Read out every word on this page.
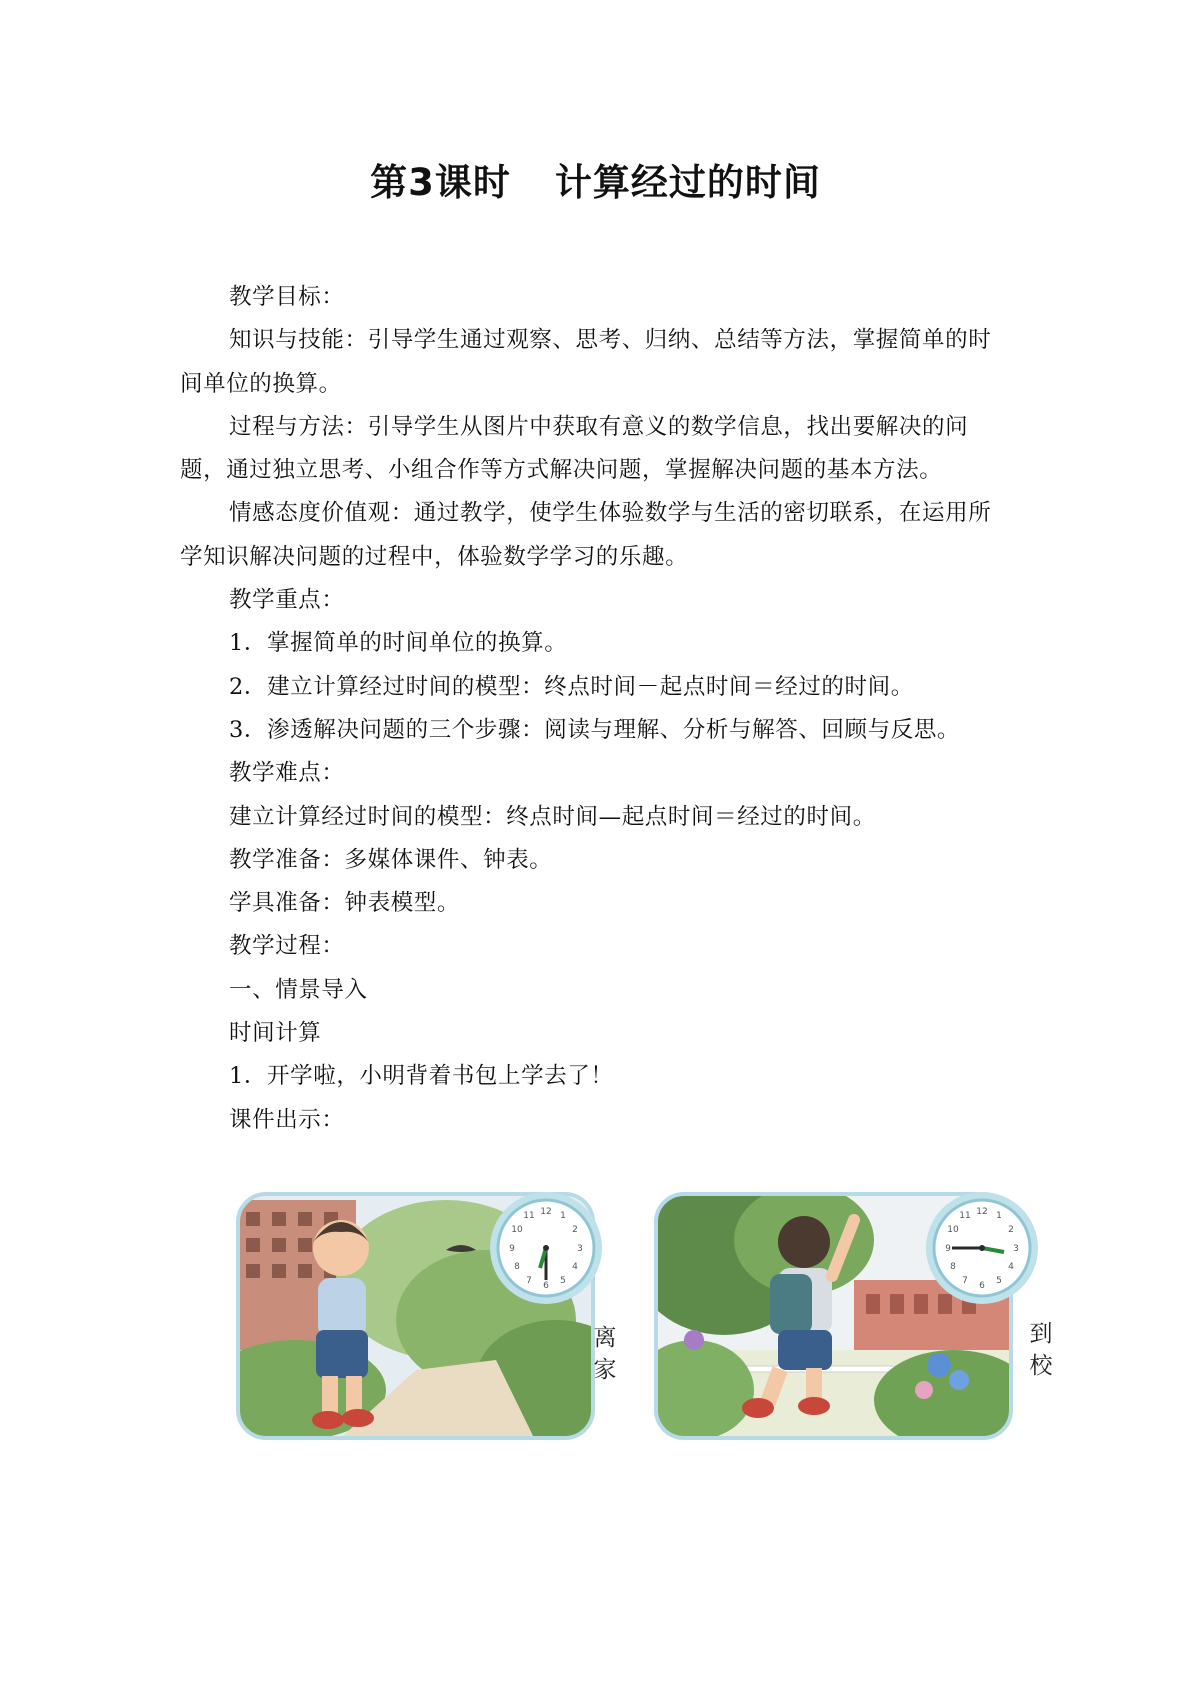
第3课时 计算经过的时间

教学目标：

知识与技能：引导学生通过观察、思考、归纳、总结等方法，掌握简单的时间单位的换算。

过程与方法：引导学生从图片中获取有意义的数学信息，找出要解决的问题，通过独立思考、小组合作等方式解决问题，掌握解决问题的基本方法。

情感态度价值观：通过教学，使学生体验数学与生活的密切联系，在运用所学知识解决问题的过程中，体验数学学习的乐趣。

教学重点：

1．掌握简单的时间单位的换算。

2．建立计算经过时间的模型：终点时间－起点时间＝经过的时间。

3．渗透解决问题的三个步骤：阅读与理解、分析与解答、回顾与反思。

教学难点：

建立计算经过时间的模型：终点时间—起点时间＝经过的时间。

教学准备：多媒体课件、钟表。

学具准备：钟表模型。

教学过程：

一、情景导入

时间计算

1．开学啦，小明背着书包上学去了！

课件出示：

12 1
2
3
4
5
6
7
8
9
10
11
离
家
12 1
2
3
4
5
6
7
8
9
10
11
到
校
